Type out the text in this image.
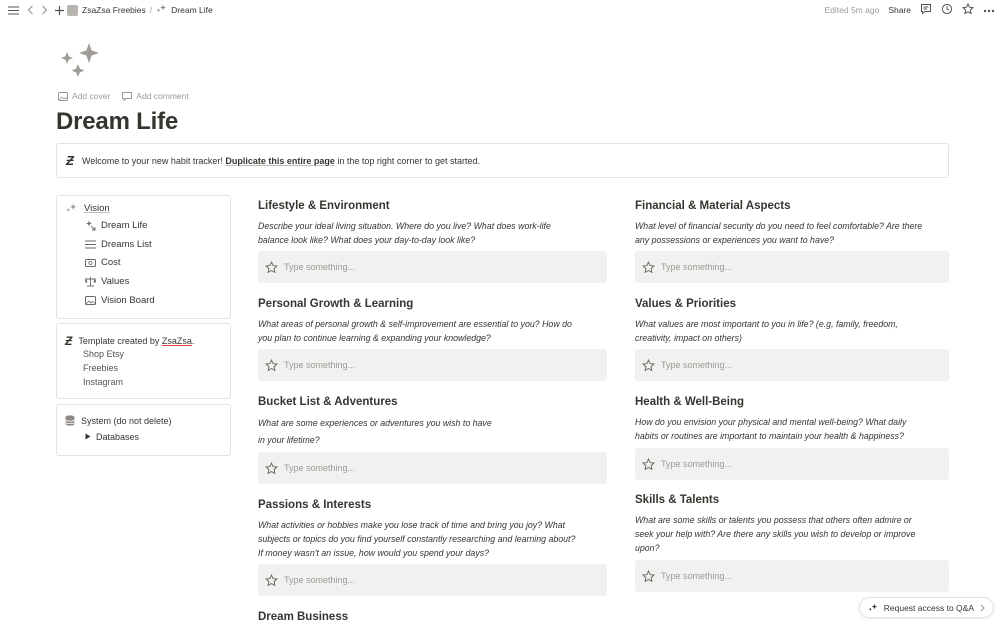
ZsaZsa Freebies / Dream Life	Edited 5m ago Share
Add cover	Add comment
Dream Life
Ƶ Welcome to your new habit tracker! Duplicate this entire page in the top right corner to get started.
Vision
Dream Life
Dreams List
Cost
Values
Vision Board
Ƶ Template created by ZsaZsa.
Shop Etsy
Freebies
Instagram
System (do not delete)
Databases
Lifestyle & Environment
Describe your ideal living situation. Where do you live? What does work-life
balance look like? What does your day-to-day look like?
Type something...
Financial & Material Aspects
What level of financial security do you need to feel comfortable? Are there
any possessions or experiences you want to have?
Type something...
Personal Growth & Learning
What areas of personal growth & self-improvement are essential to you? How do
you plan to continue learning & expanding your knowledge?
Type something...
Values & Priorities
What values are most important to you in life? (e.g, family, freedom,
creativity, impact on others)
Type something...
Bucket List & Adventures
What are some experiences or adventures you wish to have
in your lifetime?
Type something...
Health & Well-Being
How do you envision your physical and mental well-being? What daily
habits or routines are important to maintain your health & happiness?
Type something...
Passions & Interests
What activities or hobbies make you lose track of time and bring you joy? What
subjects or topics do you find yourself constantly researching and learning about?
If money wasn't an issue, how would you spend your days?
Type something...
Skills & Talents
What are some skills or talents you possess that others often admire or
seek your help with? Are there any skills you wish to develop or improve
upon?
Type something...
Dream Business
Request access to Q&A
